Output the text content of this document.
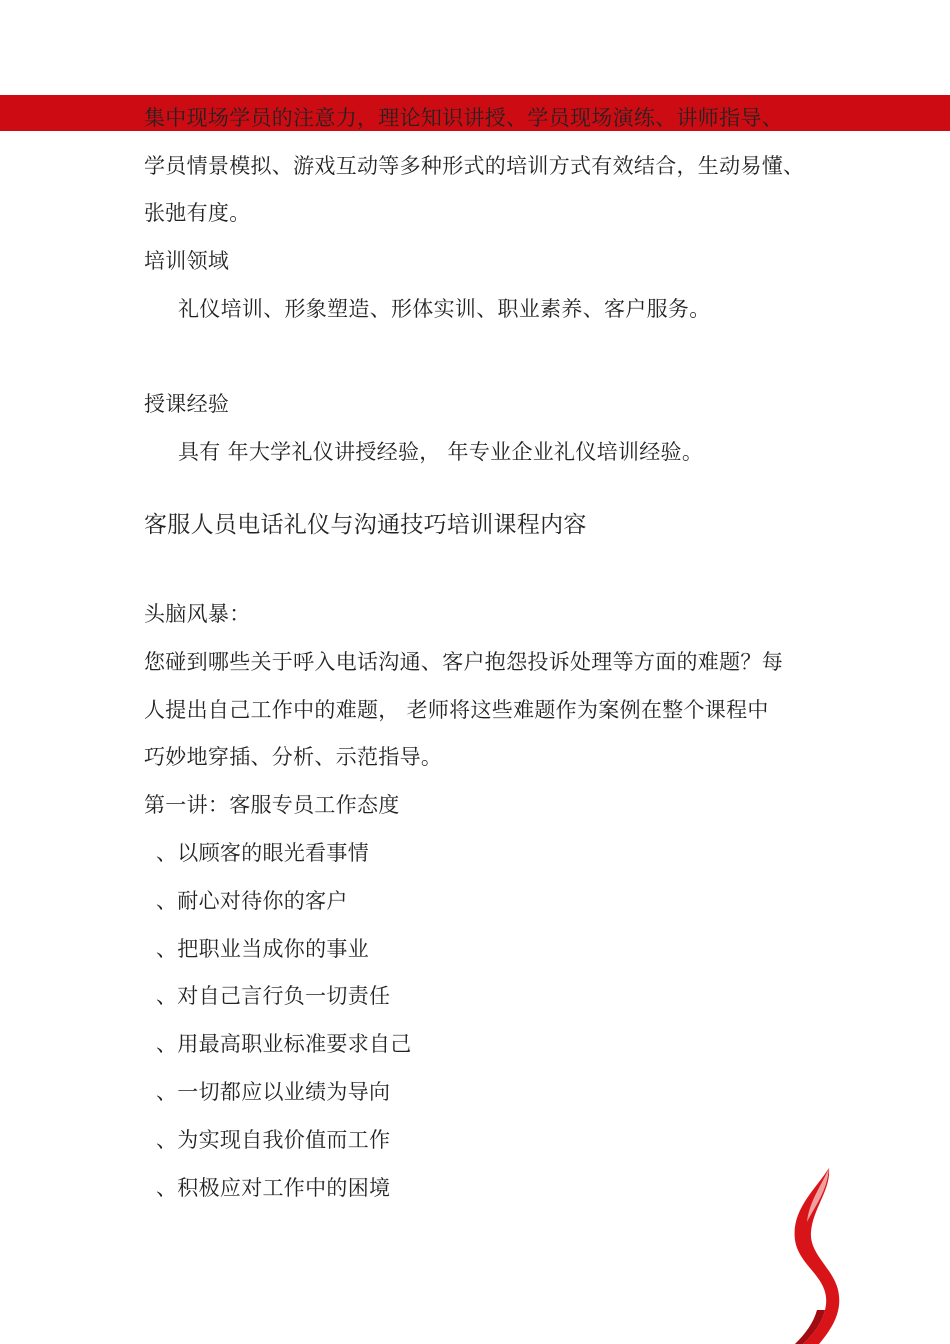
集中现场学员的注意力，理论知识讲授、学员现场演练、讲师指导、
学员情景模拟、游戏互动等多种形式的培训方式有效结合，生动易懂、
张弛有度。
培训领域
礼仪培训、形象塑造、形体实训、职业素养、客户服务。
授课经验
具有 年大学礼仪讲授经验， 年专业企业礼仪培训经验。
客服人员电话礼仪与沟通技巧培训课程内容
头脑风暴：
您碰到哪些关于呼入电话沟通、客户抱怨投诉处理等方面的难题？每
人提出自己工作中的难题， 老师将这些难题作为案例在整个课程中
巧妙地穿插、分析、示范指导。
第一讲：客服专员工作态度
、以顾客的眼光看事情
、耐心对待你的客户
、把职业当成你的事业
、对自己言行负一切责任
、用最高职业标准要求自己
、一切都应以业绩为导向
、为实现自我价值而工作
、积极应对工作中的困境
